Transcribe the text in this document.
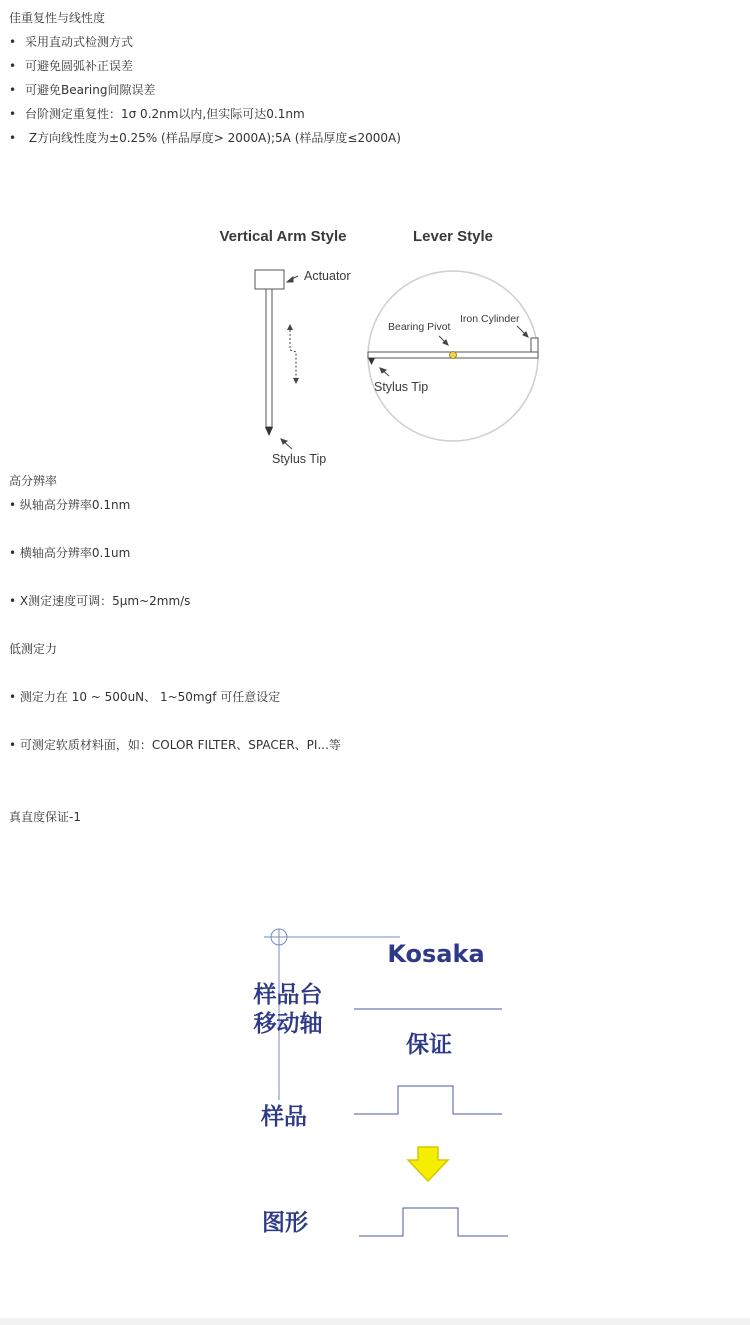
佳重复性与线性度
• 采用直动式检测方式
• 可避免圆弧补正误差
• 可避免Bearing间隙误差
• 台阶测定重复性：1σ 0.2nm以内,但实际可达0.1nm
• Z方向线性度为±0.25% (样品厚度> 2000A);5A (样品厚度≤2000A)
Vertical Arm Style	Lever Style
Actuator
Stylus Tip
Bearing Pivot
Iron Cylinder
Stylus Tip
高分辨率
• 纵轴高分辨率0.1nm
• 横轴高分辨率0.1um
• X测定速度可调：5μm~2mm/s
低测定力
• 测定力在 10 ~ 500uN、 1~50mgf 可任意设定
• 可测定软质材料面，如：COLOR FILTER、SPACER、PI...等
真直度保证-1
Kosaka
样品台
移动轴
保证
样品
图形
